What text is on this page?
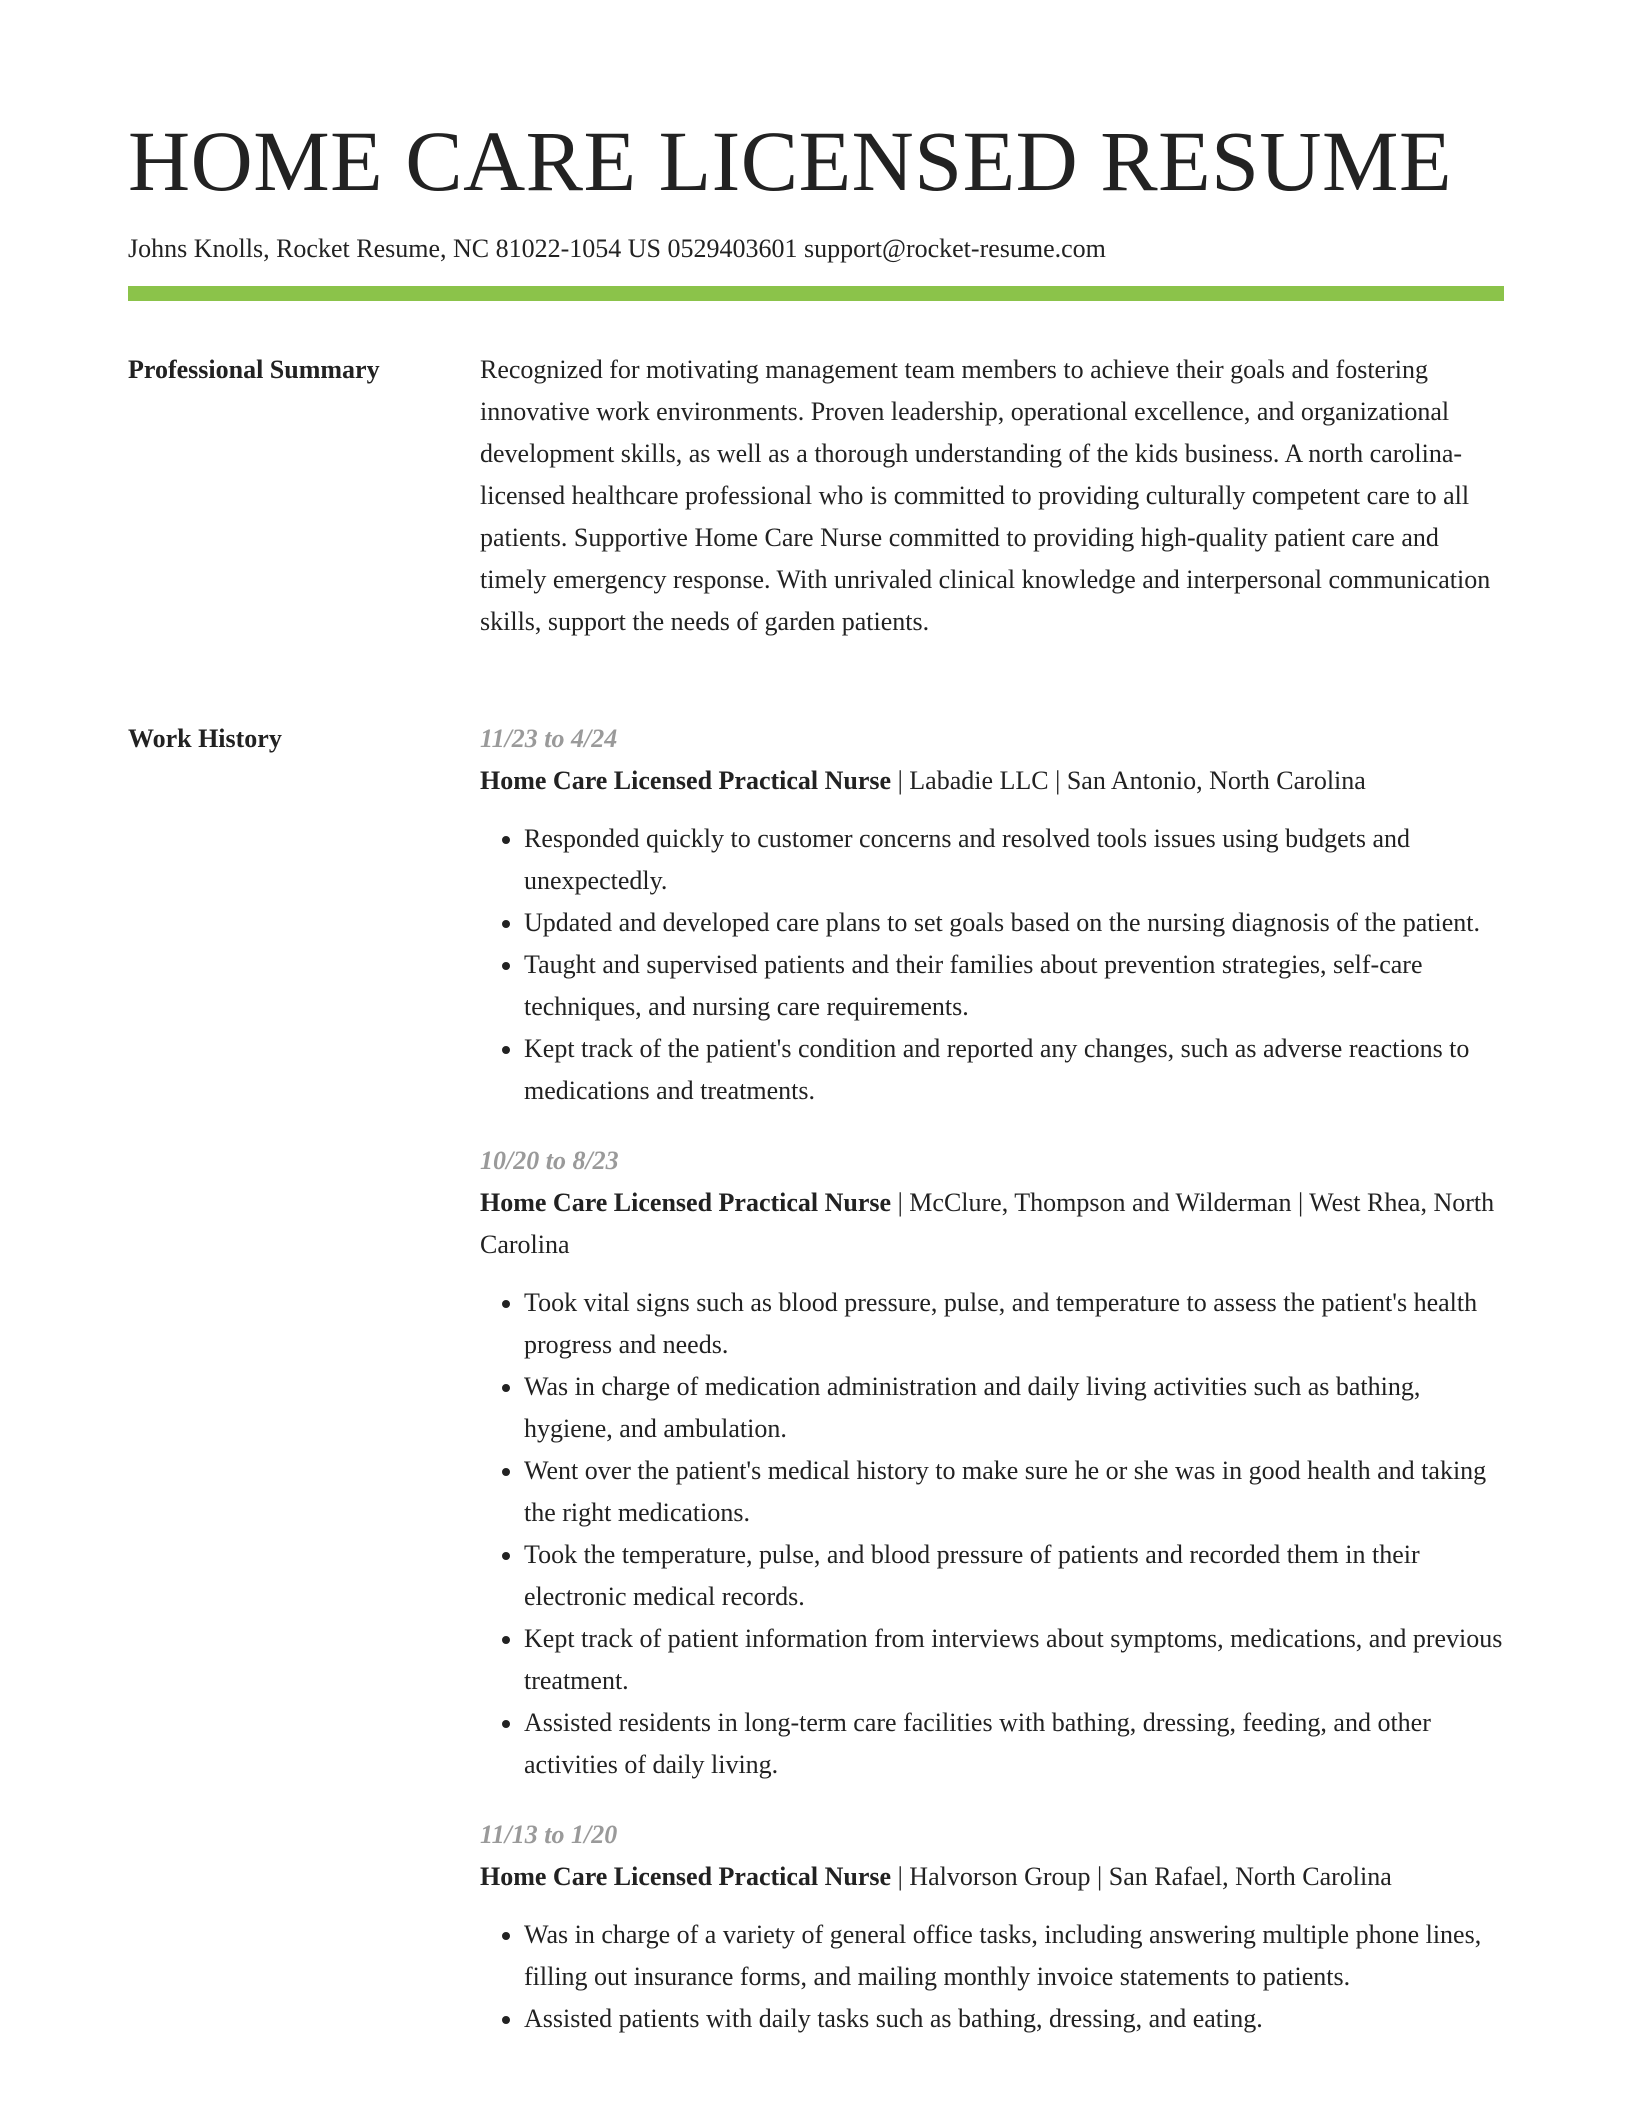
HOME CARE LICENSED RESUME
Johns Knolls, Rocket Resume, NC 81022-1054 US 0529403601 support@rocket-resume.com
Professional Summary	Recognized for motivating management team members to achieve their goals and fostering innovative work environments. Proven leadership, operational excellence, and organizational development skills, as well as a thorough understanding of the kids business. A north carolina-licensed healthcare professional who is committed to providing culturally competent care to all patients. Supportive Home Care Nurse committed to providing high-quality patient care and timely emergency response. With unrivaled clinical knowledge and interpersonal communication skills, support the needs of garden patients.

Work History	11/23 to 4/24

Home Care Licensed Practical Nurse | Labadie LLC | San Antonio, North Carolina

• Responded quickly to customer concerns and resolved tools issues using budgets and unexpectedly.
• Updated and developed care plans to set goals based on the nursing diagnosis of the patient.
• Taught and supervised patients and their families about prevention strategies, self-care techniques, and nursing care requirements.
• Kept track of the patient's condition and reported any changes, such as adverse reactions to medications and treatments.

10/20 to 8/23

Home Care Licensed Practical Nurse | McClure, Thompson and Wilderman | West Rhea, North Carolina

• Took vital signs such as blood pressure, pulse, and temperature to assess the patient's health progress and needs.
• Was in charge of medication administration and daily living activities such as bathing, hygiene, and ambulation.
• Went over the patient's medical history to make sure he or she was in good health and taking the right medications.
• Took the temperature, pulse, and blood pressure of patients and recorded them in their electronic medical records.
• Kept track of patient information from interviews about symptoms, medications, and previous treatment.
• Assisted residents in long-term care facilities with bathing, dressing, feeding, and other activities of daily living.

11/13 to 1/20

Home Care Licensed Practical Nurse | Halvorson Group | San Rafael, North Carolina

• Was in charge of a variety of general office tasks, including answering multiple phone lines, filling out insurance forms, and mailing monthly invoice statements to patients.
• Assisted patients with daily tasks such as bathing, dressing, and eating.
